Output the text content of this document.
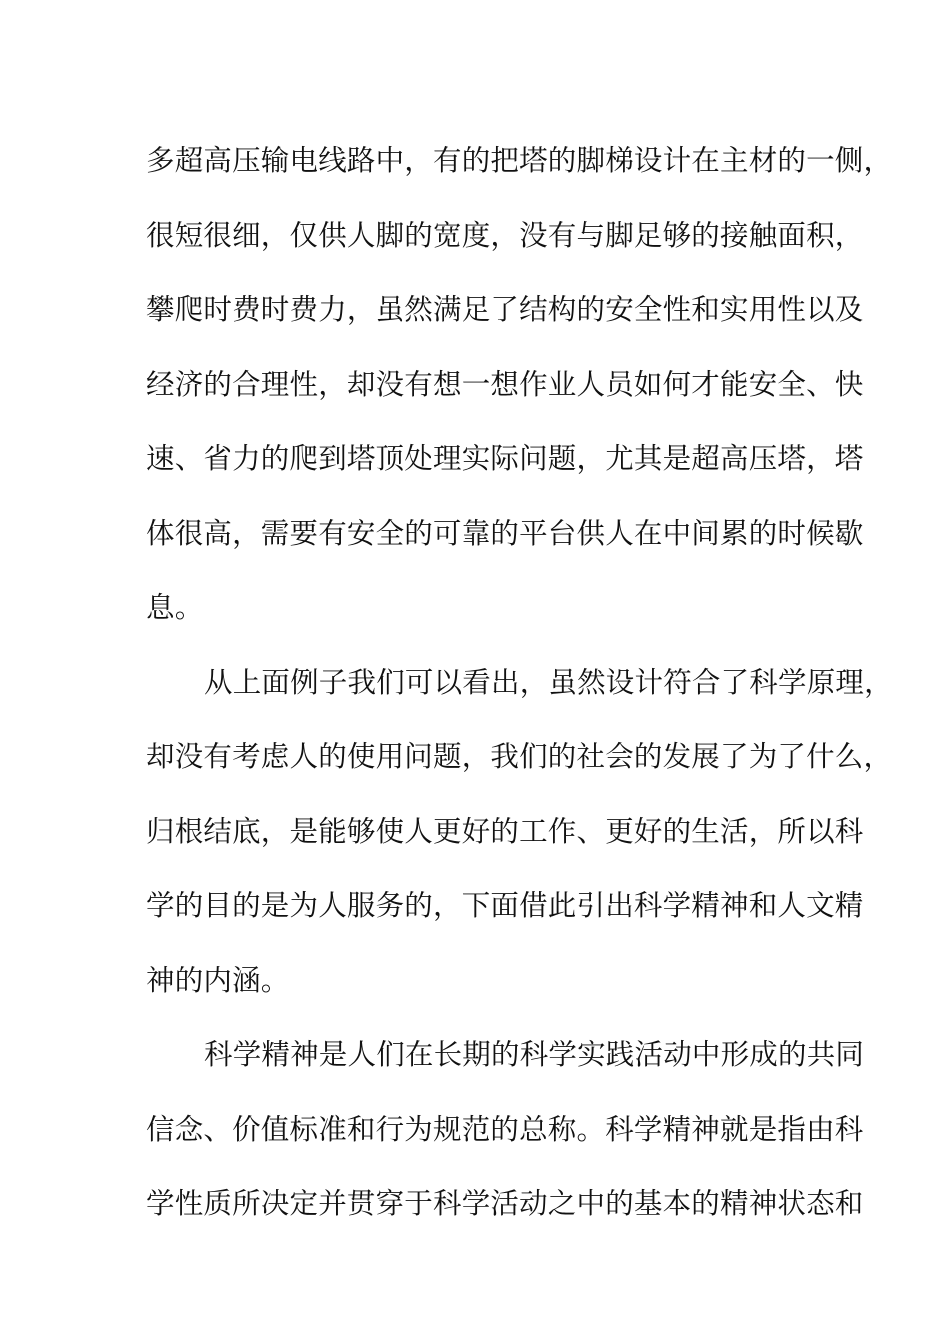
多超高压输电线路中，有的把塔的脚梯设计在主材的一侧，
很短很细，仅供人脚的宽度，没有与脚足够的接触面积，
攀爬时费时费力，虽然满足了结构的安全性和实用性以及
经济的合理性，却没有想一想作业人员如何才能安全、快
速、省力的爬到塔顶处理实际问题，尤其是超高压塔，塔
体很高，需要有安全的可靠的平台供人在中间累的时候歇
息。
从上面例子我们可以看出，虽然设计符合了科学原理，
却没有考虑人的使用问题，我们的社会的发展了为了什么，
归根结底，是能够使人更好的工作、更好的生活，所以科
学的目的是为人服务的，下面借此引出科学精神和人文精
神的内涵。
科学精神是人们在长期的科学实践活动中形成的共同
信念、价值标准和行为规范的总称。科学精神就是指由科
学性质所决定并贯穿于科学活动之中的基本的精神状态和
